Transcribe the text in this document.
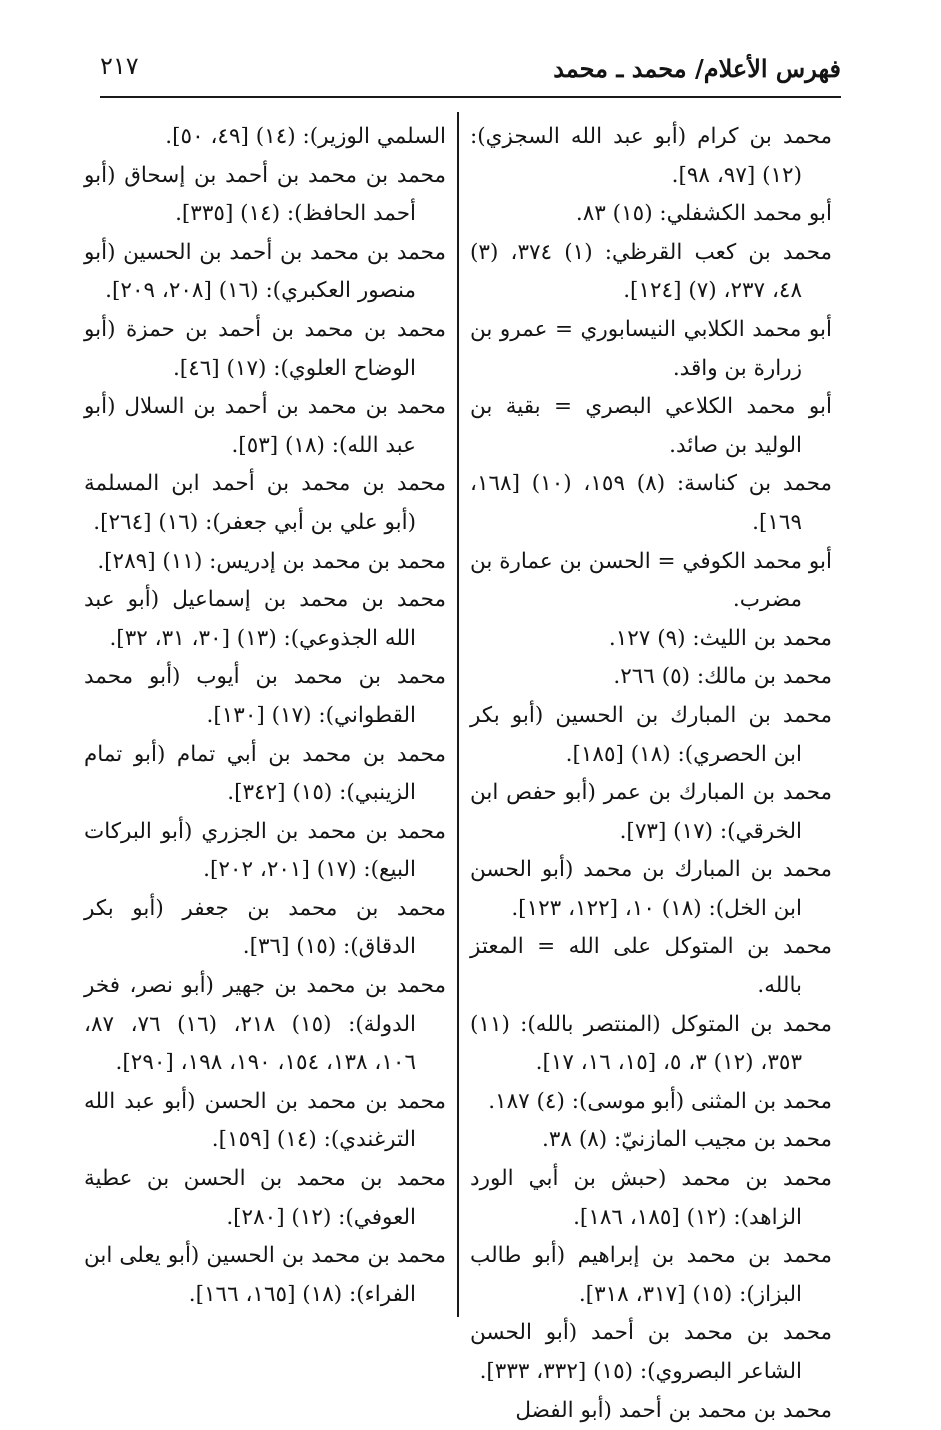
فهرس الأعلام/ محمد ـ محمد
٢١٧

محمد بن كرام (أبو عبد الله السجزي): (١٢) [٩٧، ٩٨].

أبو محمد الكشفلي: (١٥) ٨٣.

محمد بن كعب القرظي: (١) ٣٧٤، (٣) ٤٨، ٢٣٧، (٧) [١٢٤].

أبو محمد الكلابي النيسابوري = عمرو بن زرارة بن واقد.

أبو محمد الكلاعي البصري = بقية بن الوليد بن صائد.

محمد بن كناسة: (٨) ١٥٩، (١٠) [١٦٨، ١٦٩].

أبو محمد الكوفي = الحسن بن عمارة بن مضرب.

محمد بن الليث: (٩) ١٢٧.

محمد بن مالك: (٥) ٢٦٦.

محمد بن المبارك بن الحسين (أبو بكر ابن الحصري): (١٨) [١٨٥].

محمد بن المبارك بن عمر (أبو حفص ابن الخرقي): (١٧) [٧٣].

محمد بن المبارك بن محمد (أبو الحسن ابن الخل): (١٨) ١٠، [١٢٢، ١٢٣].

محمد بن المتوكل على الله = المعتز بالله.

محمد بن المتوكل (المنتصر بالله): (١١) ٣٥٣، (١٢) ٣، ٥، [١٥، ١٦، ١٧].

محمد بن المثنى (أبو موسى): (٤) ١٨٧.

محمد بن مجيب المازنيّ: (٨) ٣٨.

محمد بن محمد (حبش بن أبي الورد الزاهد): (١٢) [١٨٥، ١٨٦].

محمد بن محمد بن إبراهيم (أبو طالب البزاز): (١٥) [٣١٧، ٣١٨].

محمد بن محمد بن أحمد (أبو الحسن الشاعر البصروي): (١٥) [٣٣٢، ٣٣٣].

محمد بن محمد بن أحمد (أبو الفضل

السلمي الوزير): (١٤) [٤٩، ٥٠].

محمد بن محمد بن أحمد بن إسحاق (أبو أحمد الحافظ): (١٤) [٣٣٥].

محمد بن محمد بن أحمد بن الحسين (أبو منصور العكبري): (١٦) [٢٠٨، ٢٠٩].

محمد بن محمد بن أحمد بن حمزة (أبو الوضاح العلوي): (١٧) [٤٦].

محمد بن محمد بن أحمد بن السلال (أبو عبد الله): (١٨) [٥٣].

محمد بن محمد بن أحمد ابن المسلمة (أبو علي بن أبي جعفر): (١٦) [٢٦٤].

محمد بن محمد بن إدريس: (١١) [٢٨٩].

محمد بن محمد بن إسماعيل (أبو عبد الله الجذوعي): (١٣) [٣٠، ٣١، ٣٢].

محمد بن محمد بن أيوب (أبو محمد القطواني): (١٧) [١٣٠].

محمد بن محمد بن أبي تمام (أبو تمام الزينبي): (١٥) [٣٤٢].

محمد بن محمد بن الجزري (أبو البركات البيع): (١٧) [٢٠١، ٢٠٢].

محمد بن محمد بن جعفر (أبو بكر الدقاق): (١٥) [٣٦].

محمد بن محمد بن جهير (أبو نصر، فخر الدولة): (١٥) ٢١٨، (١٦) ٧٦، ٨٧، ١٠٦، ١٣٨، ١٥٤، ١٩٠، ١٩٨، [٢٩٠].

محمد بن محمد بن الحسن (أبو عبد الله الترغندي): (١٤) [١٥٩].

محمد بن محمد بن الحسن بن عطية العوفي): (١٢) [٢٨٠].

محمد بن محمد بن الحسين (أبو يعلى ابن الفراء): (١٨) [١٦٥، ١٦٦].
